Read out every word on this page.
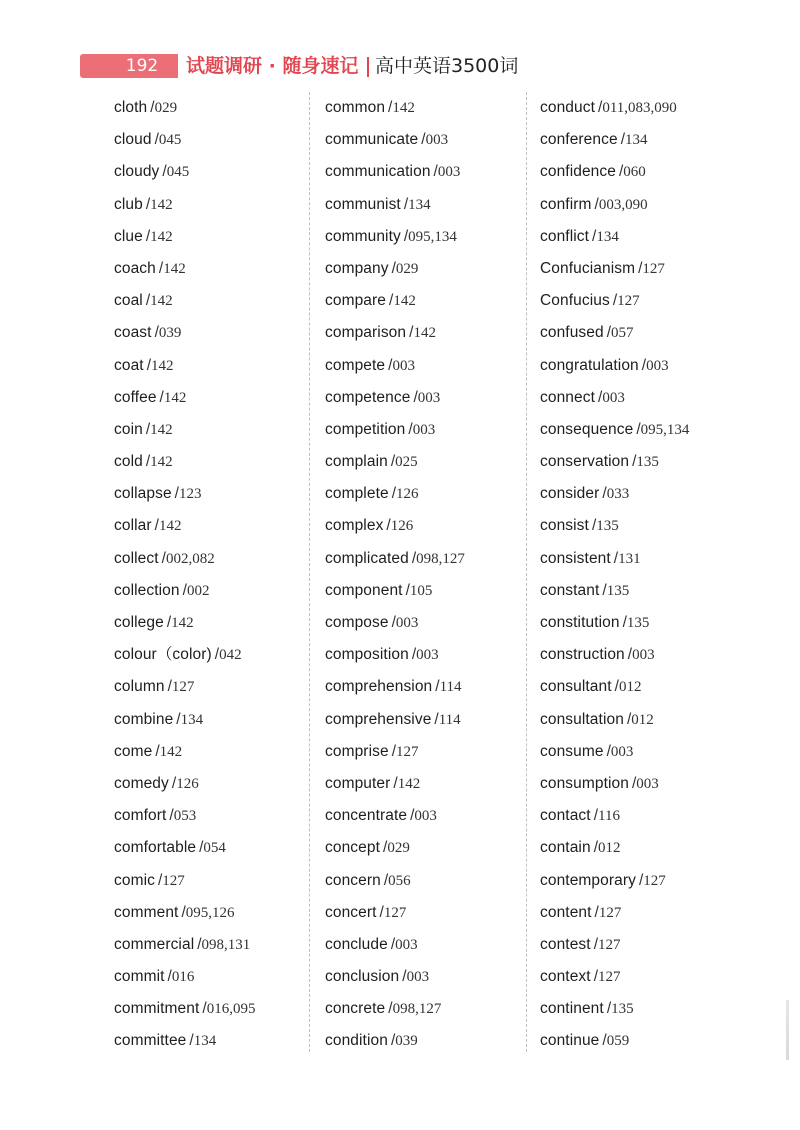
192	试题调研 · 随身速记 高中英语3500词
cloth /029
cloud /045
cloudy /045
club /142
clue /142
coach /142
coal /142
coast /039
coat /142
coffee /142
coin /142
cold /142
collapse /123
collar /142
collect /002,082
collection /002
college /142
colour（color) /042
column /127
combine /134
come /142
comedy /126
comfort /053
comfortable /054
comic /127
comment /095,126
commercial /098,131
commit /016
commitment /016,095
committee /134
common /142
communicate /003
communication /003
communist /134
community /095,134
company /029
compare /142
comparison /142
compete /003
competence /003
competition /003
complain /025
complete /126
complex /126
complicated /098,127
component /105
compose /003
composition /003
comprehension /114
comprehensive /114
comprise /127
computer /142
concentrate /003
concept /029
concern /056
concert /127
conclude /003
conclusion /003
concrete /098,127
condition /039
conduct /011,083,090
conference /134
confidence /060
confirm /003,090
conflict /134
Confucianism /127
Confucius /127
confused /057
congratulation /003
connect /003
consequence /095,134
conservation /135
consider /033
consist /135
consistent /131
constant /135
constitution /135
construction /003
consultant /012
consultation /012
consume /003
consumption /003
contact /116
contain /012
contemporary /127
content /127
contest /127
context /127
continent /135
continue /059
